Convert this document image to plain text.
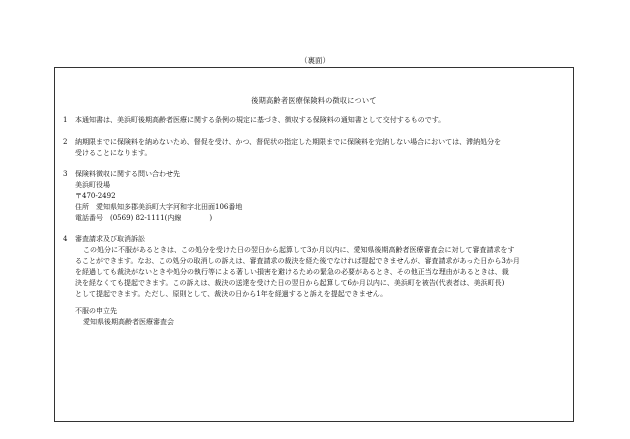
（裏面）
後期高齢者医療保険料の徴収について
1 本通知書は、美浜町後期高齢者医療に関する条例の規定に基づき、徴収する保険料の通知書として交付するものです。
2 納期限までに保険料を納めないため、督促を受け、かつ、督促状の指定した期限までに保険料を完納しない場合においては、滞納処分を
受けることになります。
3 保険料徴収に関する問い合わせ先
美浜町役場
〒470-2492
住所　愛知県知多郡美浜町大字河和字北田面106番地
電話番号　(0569) 82-1111(内線　　　　)
4 審査請求及び取消訴訟
この処分に不服があるときは、この処分を受けた日の翌日から起算して3か月以内に、愛知県後期高齢者医療審査会に対して審査請求をす
ることができます。なお、この処分の取消しの訴えは、審査請求の裁決を経た後でなければ提起できませんが、審査請求があった日から3か月
を経過しても裁決がないときや処分の執行等による著しい損害を避けるための緊急の必要があるとき、その他正当な理由があるときは、裁
決を経なくても提起できます。この訴えは、裁決の送達を受けた日の翌日から起算して6か月以内に、美浜町を被告(代表者は、美浜町長)
として提起できます。ただし、原則として、裁決の日から1年を経過すると訴えを提起できません。
不服の申立先
愛知県後期高齢者医療審査会
